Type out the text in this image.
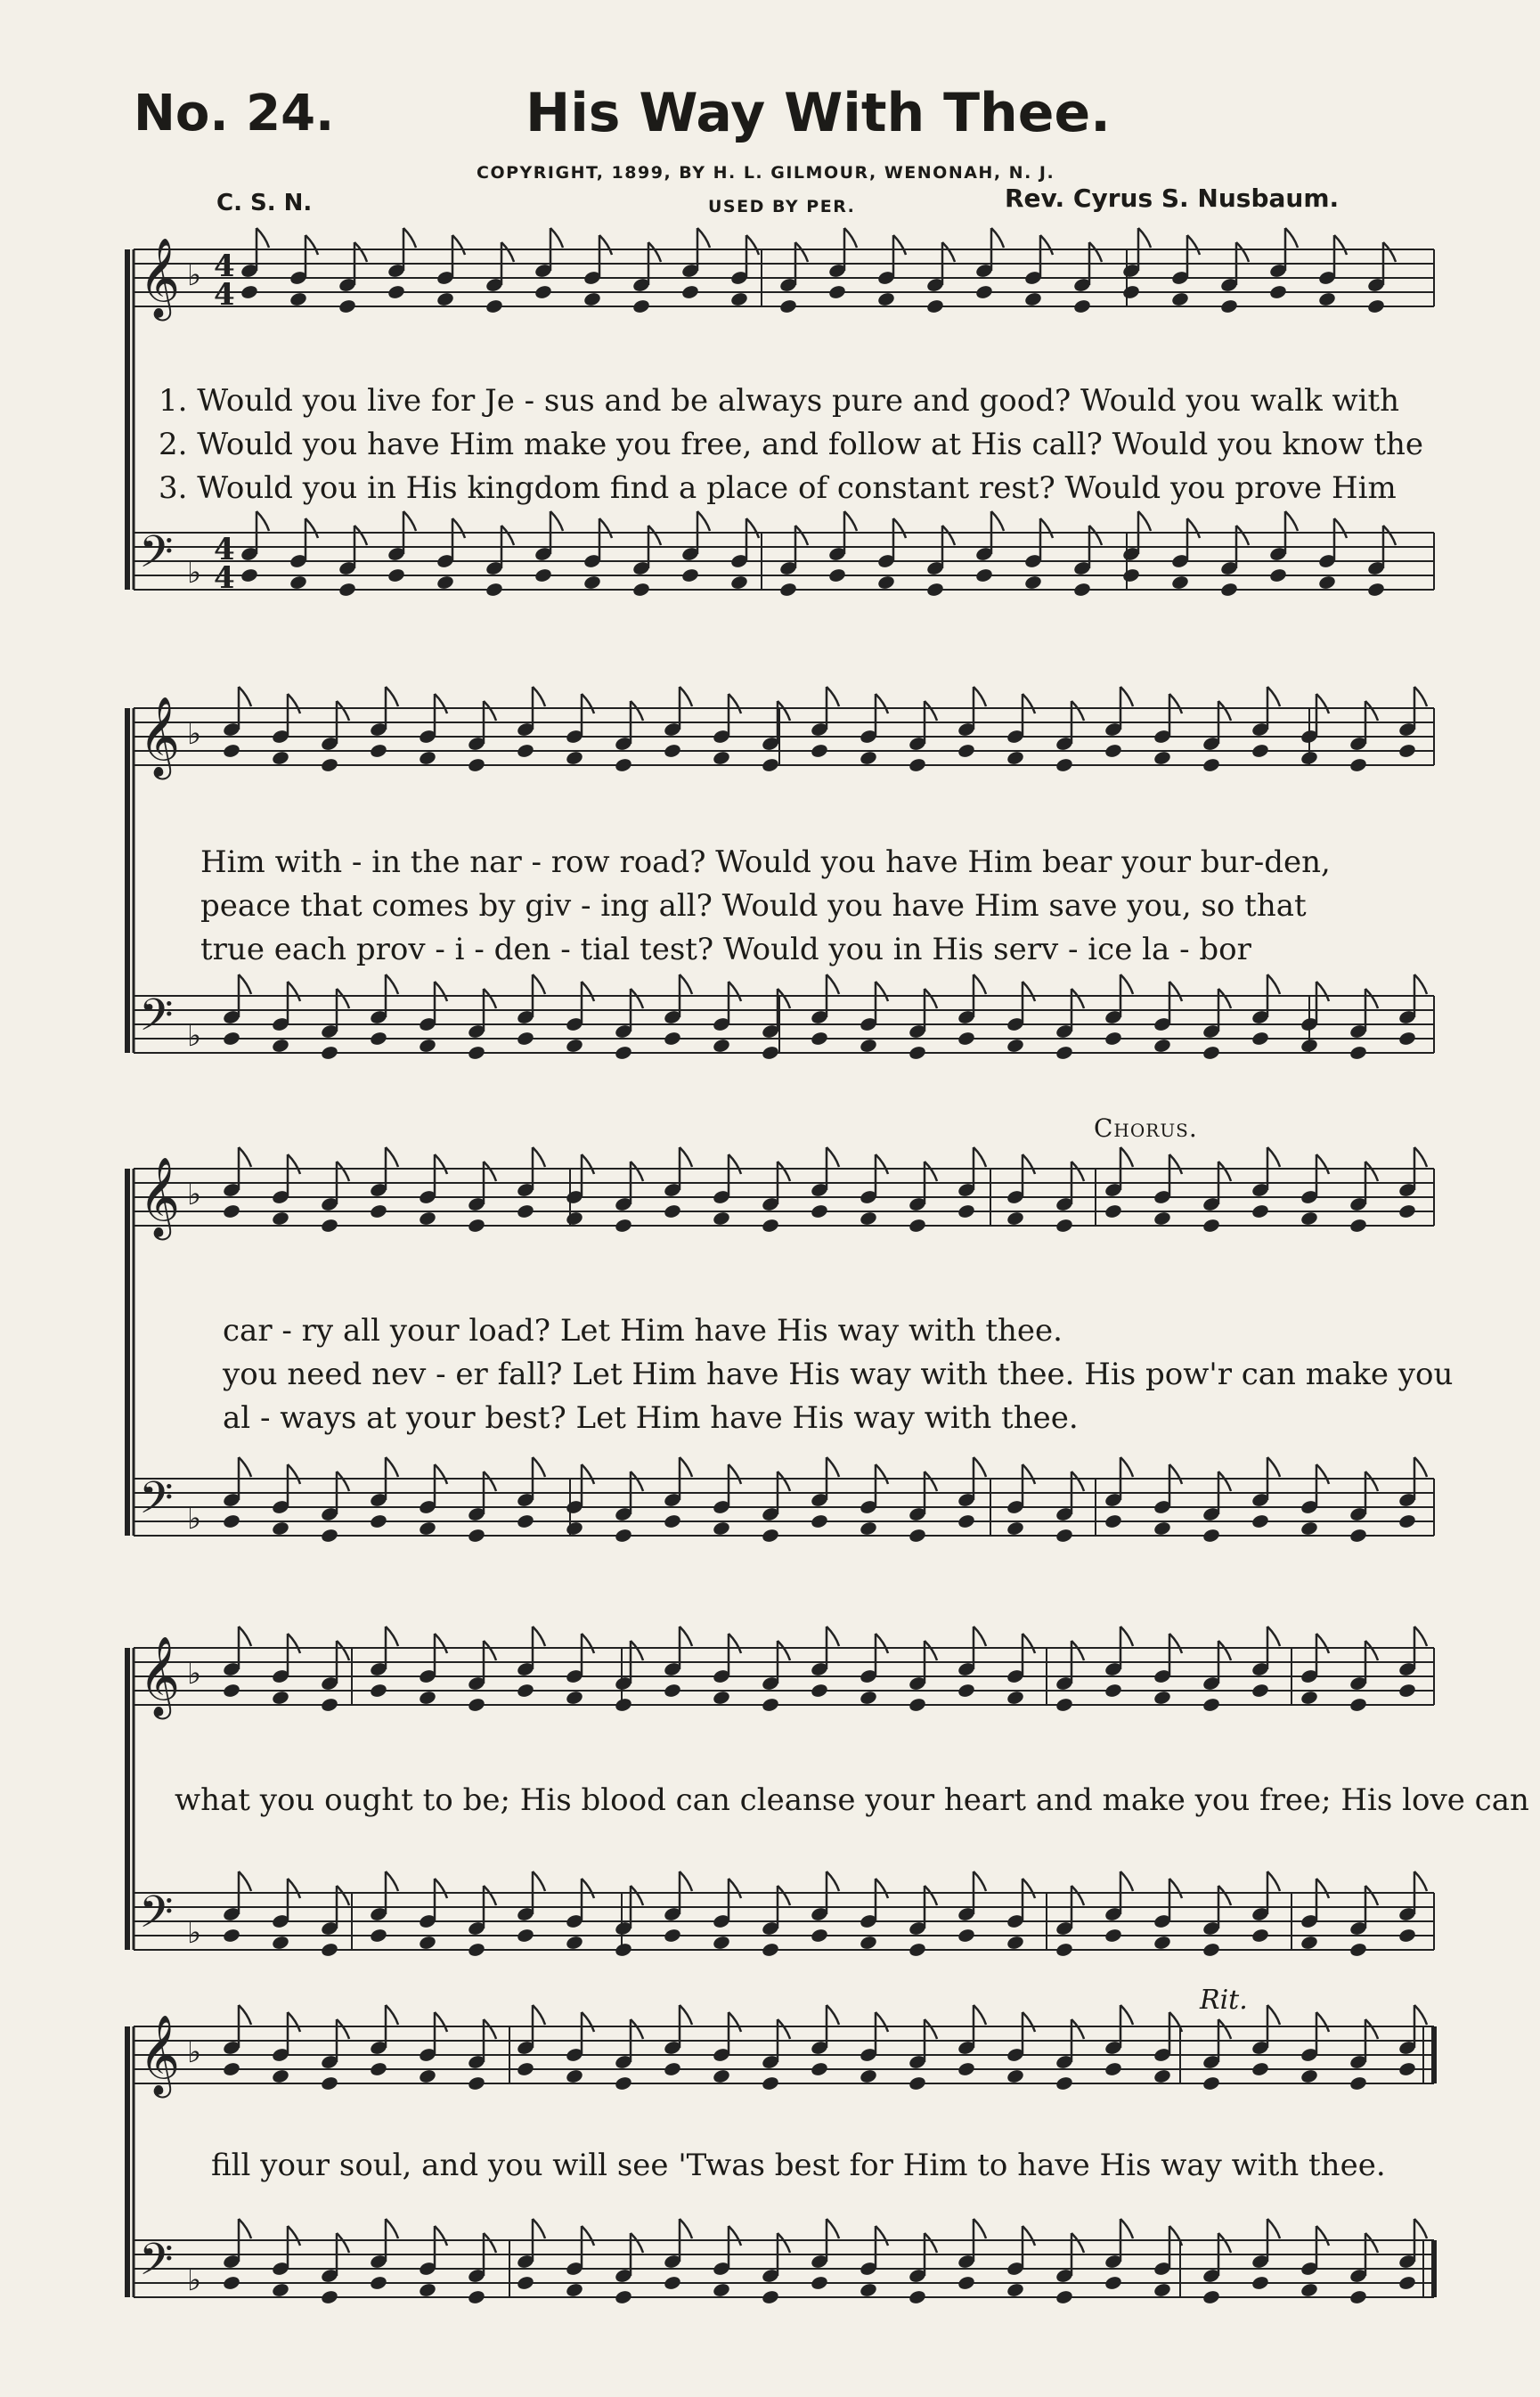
No. 24.	His Way With Thee.
COPYRIGHT, 1899, BY H. L. GILMOUR, WENONAH, N. J.
USED BY PER.
C. S. N.	Rev. Cyrus S. Nusbaum.
𝄞
𝄢
♭
♭
𝄞
𝄢
♭
♭
𝄞
𝄢
♭
♭
𝄞
𝄢
♭
♭
𝄞
𝄢
♭
♭
4
4
4
4
1. Would you live for Je - sus and be always pure and good? Would you walk with
2. Would you have Him make you free, and follow at His call? Would you know the
3. Would you in His kingdom find a place of constant rest? Would you prove Him
Him with - in the nar - row road? Would you have Him bear your bur-den,
peace that comes by giv - ing all? Would you have Him save you, so that
true each prov - i - den - tial test? Would you in His serv - ice la - bor
Chorus.
car - ry all your load? Let Him have His way with thee.
you need nev - er fall? Let Him have His way with thee. His pow'r can make you
al - ways at your best? Let Him have His way with thee.
what you ought to be; His blood can cleanse your heart and make you free; His love can
Rit.
fill your soul, and you will see 'Twas best for Him to have His way with thee.
